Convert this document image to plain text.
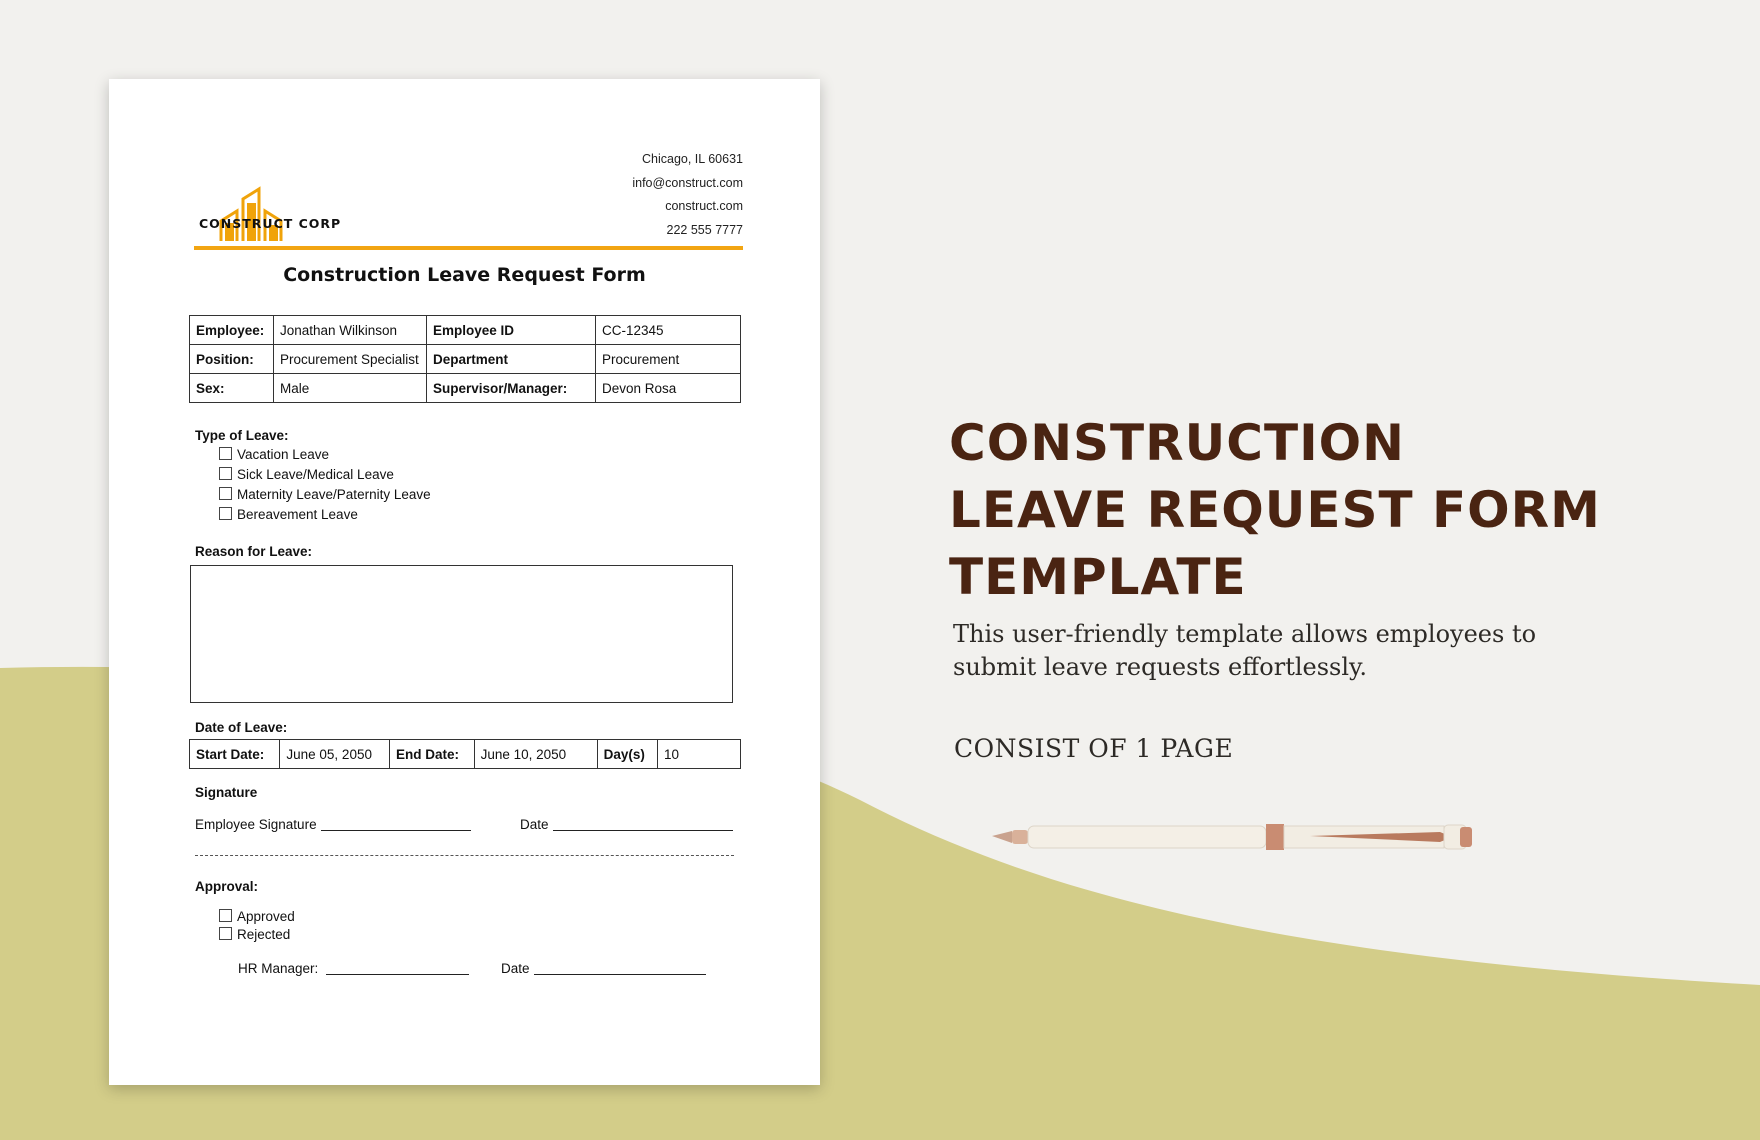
CONSTRUCT CORP
Chicago, IL 60631
info@construct.com
construct.com
222 555 7777
Construction Leave Request Form
Employee:	Jonathan Wilkinson	Employee ID	CC-12345
Position:	Procurement Specialist	Department	Procurement
Sex:	Male	Supervisor/Manager:	Devon Rosa
Type of Leave:
Vacation Leave
Sick Leave/Medical Leave
Maternity Leave/Paternity Leave
Bereavement Leave
Reason for Leave:
Date of Leave:
Start Date:	June 05, 2050	End Date:	June 10, 2050	Day(s)	10
Signature
Employee Signature	Date
Approval:
Approved
Rejected
HR Manager:	Date
CONSTRUCTION
LEAVE REQUEST FORM
TEMPLATE
This user-friendly template allows employees to submit leave requests effortlessly.
CONSIST OF 1 PAGE
